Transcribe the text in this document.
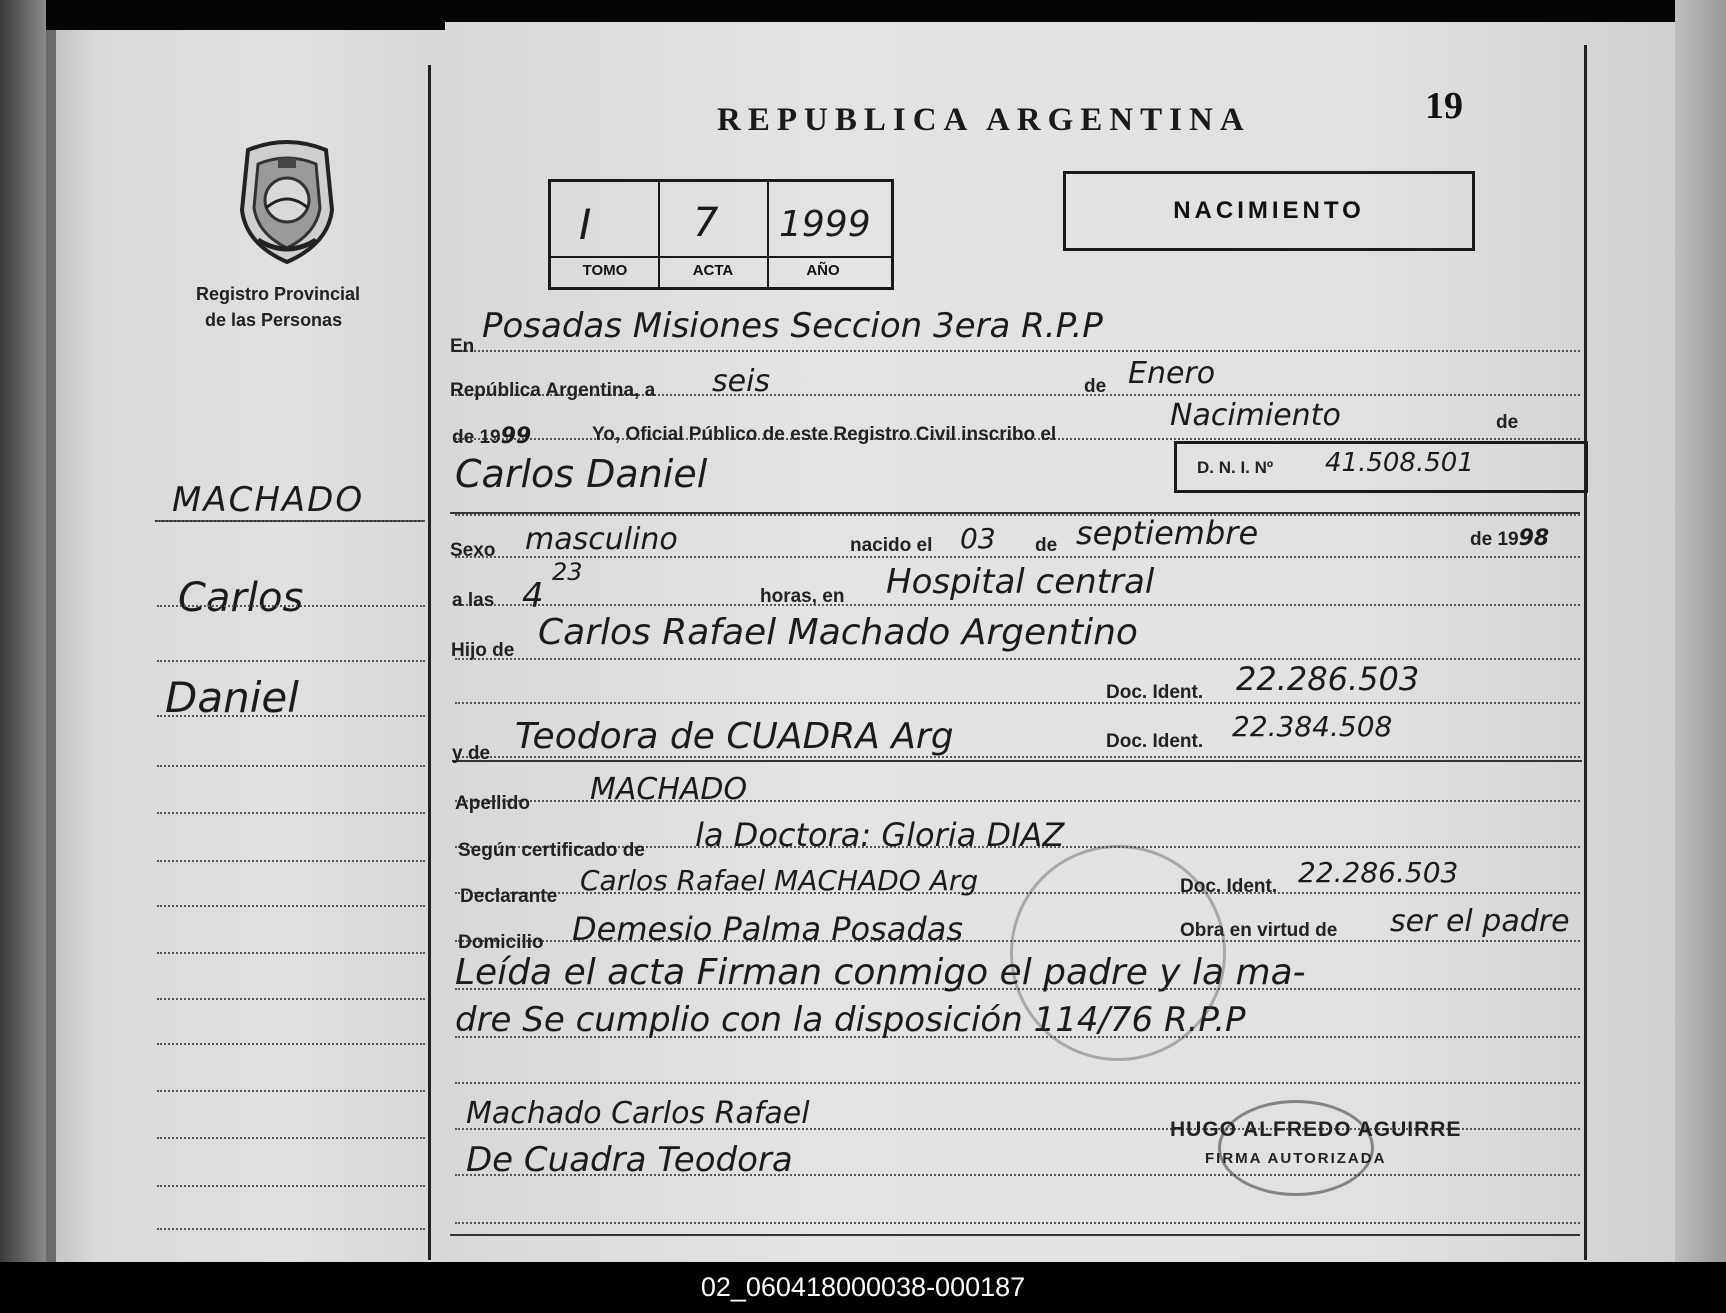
Registro Provincial
de las Personas
MACHADO
Carlos
Daniel
REPUBLICA ARGENTINA	19
I	7 1999
TOMO	ACTA	AÑO
NACIMIENTO
En
Posadas Misiones Seccion 3era R.P.P
República Argentina, a seis	de Enero
de 1999	Yo, Oficial Público de este Registro Civil inscribo el
Nacimiento	de
Carlos Daniel	D. N. I. Nº 41.508.501
Sexo masculino	nacido el 03 de septiembre	de 1998
a las 4
23
horas, en Hospital central
Hijo de Carlos Rafael Machado Argentino
Doc. Ident. 22.286.503
y de Teodora de CUADRA Arg	Doc. Ident. 22.384.508
Apellido MACHADO
Según certificado de la Doctora: Gloria DIAZ
Declarante Carlos Rafael MACHADO Arg	Doc. Ident. 22.286.503
Domicilio Demesio Palma Posadas	Obra en virtud de ser el padre
Leída el acta Firman conmigo el padre y la ma-
dre Se cumplio con la disposición 114/76 R.P.P
Machado Carlos Rafael
De Cuadra Teodora
HUGO ALFREDO AGUIRRE
FIRMA AUTORIZADA
02_060418000038-000187
